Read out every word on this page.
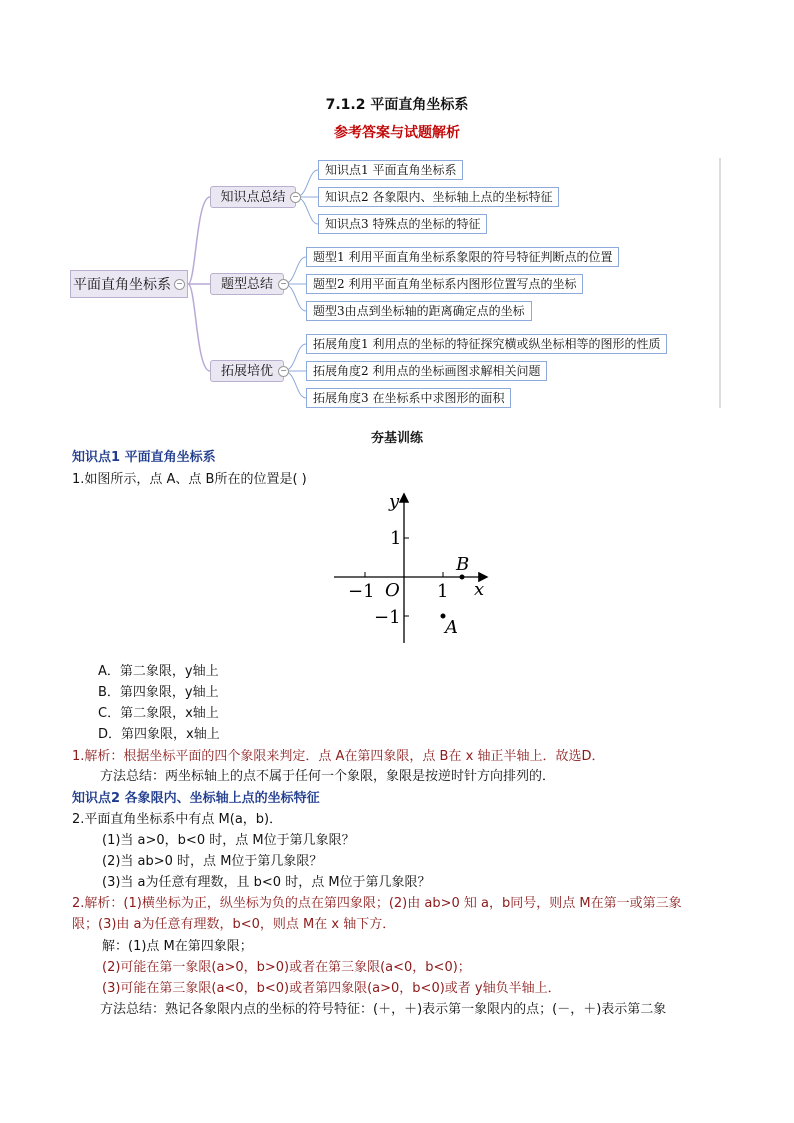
7.1.2 平面直角坐标系
参考答案与试题解析
平面直角坐标系 −
知识点总结 −
题型总结 −
拓展培优 −
知识点1 平面直角坐标系
知识点2 各象限内、坐标轴上点的坐标特征
知识点3 特殊点的坐标的特征
题型1 利用平面直角坐标系象限的符号特征判断点的位置
题型2 利用平面直角坐标系内图形位置写点的坐标
题型3由点到坐标轴的距离确定点的坐标
拓展角度1 利用点的坐标的特征探究横或纵坐标相等的图形的性质
拓展角度2 利用点的坐标画图求解相关问题
拓展角度3 在坐标系中求图形的面积
夯基训练
知识点1 平面直角坐标系
1.如图所示，点 A、点 B所在的位置是( )
y
x
O
1
−1
1
−1
B
A
A．第二象限，y轴上
B．第四象限，y轴上
C．第二象限，x轴上
D．第四象限，x轴上
1.解析：根据坐标平面的四个象限来判定．点 A在第四象限，点 B在 x 轴正半轴上．故选D．
方法总结：两坐标轴上的点不属于任何一个象限，象限是按逆时针方向排列的．
知识点2 各象限内、坐标轴上点的坐标特征
2.平面直角坐标系中有点 M(a，b)．
(1)当 a>0，b<0 时，点 M位于第几象限？
(2)当 ab>0 时，点 M位于第几象限？
(3)当 a为任意有理数，且 b<0 时，点 M位于第几象限？
2.解析：(1)横坐标为正，纵坐标为负的点在第四象限；(2)由 ab>0 知 a，b同号，则点 M在第一或第三象
限；(3)由 a为任意有理数，b<0，则点 M在 x 轴下方．
解：(1)点 M在第四象限；
(2)可能在第一象限(a>0，b>0)或者在第三象限(a<0，b<0)；
(3)可能在第三象限(a<0，b<0)或者第四象限(a>0，b<0)或者 y轴负半轴上．
方法总结：熟记各象限内点的坐标的符号特征：(＋，＋)表示第一象限内的点；(－，＋)表示第二象
